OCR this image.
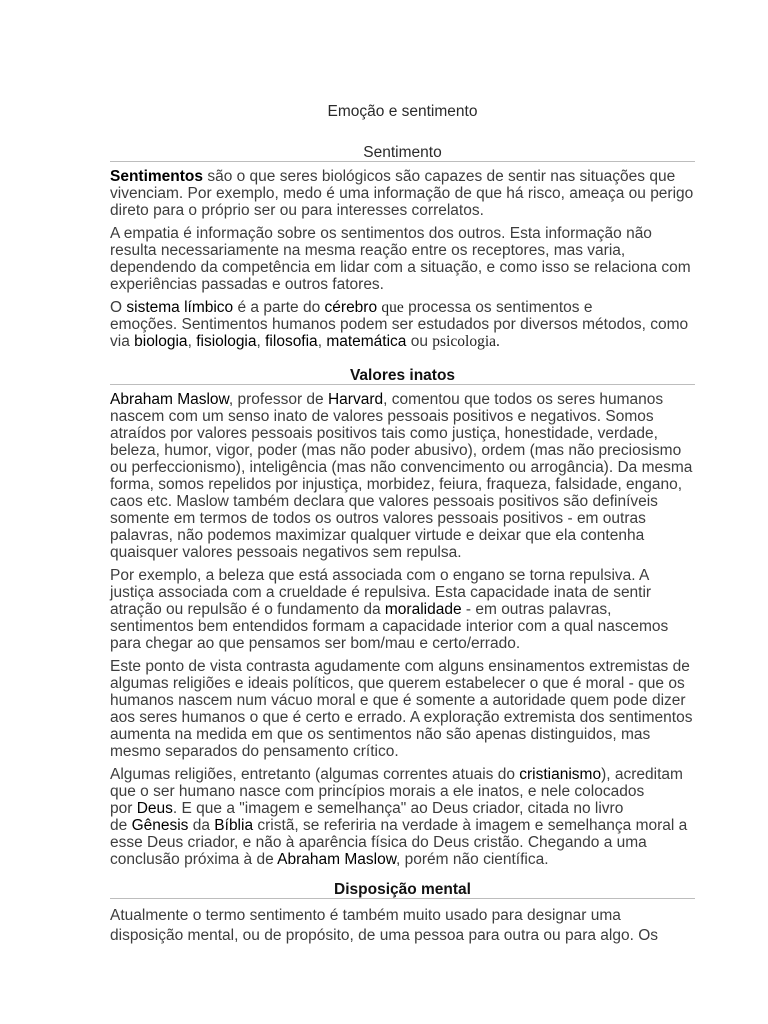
Emoção e sentimento
Sentimento
Sentimentos são o que seres biológicos são capazes de sentir nas situações que
vivenciam. Por exemplo, medo é uma informação de que há risco, ameaça ou perigo
direto para o próprio ser ou para interesses correlatos.
A empatia é informação sobre os sentimentos dos outros. Esta informação não
resulta necessariamente na mesma reação entre os receptores, mas varia,
dependendo da competência em lidar com a situação, e como isso se relaciona com
experiências passadas e outros fatores.
O sistema límbico é a parte do cérebro que processa os sentimentos e
emoções. Sentimentos humanos podem ser estudados por diversos métodos, como
via biologia, fisiologia, filosofia, matemática ou psicologia.
Valores inatos
Abraham Maslow, professor de Harvard, comentou que todos os seres humanos
nascem com um senso inato de valores pessoais positivos e negativos. Somos
atraídos por valores pessoais positivos tais como justiça, honestidade, verdade,
beleza, humor, vigor, poder (mas não poder abusivo), ordem (mas não preciosismo
ou perfeccionismo), inteligência (mas não convencimento ou arrogância). Da mesma
forma, somos repelidos por injustiça, morbidez, feiura, fraqueza, falsidade, engano,
caos etc. Maslow também declara que valores pessoais positivos são definíveis
somente em termos de todos os outros valores pessoais positivos - em outras
palavras, não podemos maximizar qualquer virtude e deixar que ela contenha
quaisquer valores pessoais negativos sem repulsa.
Por exemplo, a beleza que está associada com o engano se torna repulsiva. A
justiça associada com a crueldade é repulsiva. Esta capacidade inata de sentir
atração ou repulsão é o fundamento da moralidade - em outras palavras,
sentimentos bem entendidos formam a capacidade interior com a qual nascemos
para chegar ao que pensamos ser bom/mau e certo/errado.
Este ponto de vista contrasta agudamente com alguns ensinamentos extremistas de
algumas religiões e ideais políticos, que querem estabelecer o que é moral - que os
humanos nascem num vácuo moral e que é somente a autoridade quem pode dizer
aos seres humanos o que é certo e errado. A exploração extremista dos sentimentos
aumenta na medida em que os sentimentos não são apenas distinguidos, mas
mesmo separados do pensamento crítico.
Algumas religiões, entretanto (algumas correntes atuais do cristianismo), acreditam
que o ser humano nasce com princípios morais a ele inatos, e nele colocados
por Deus. E que a "imagem e semelhança" ao Deus criador, citada no livro
de Gênesis da Bíblia cristã, se referiria na verdade à imagem e semelhança moral a
esse Deus criador, e não à aparência física do Deus cristão. Chegando a uma
conclusão próxima à de Abraham Maslow, porém não científica.
Disposição mental
Atualmente o termo sentimento é também muito usado para designar uma
disposição mental, ou de propósito, de uma pessoa para outra ou para algo. Os
